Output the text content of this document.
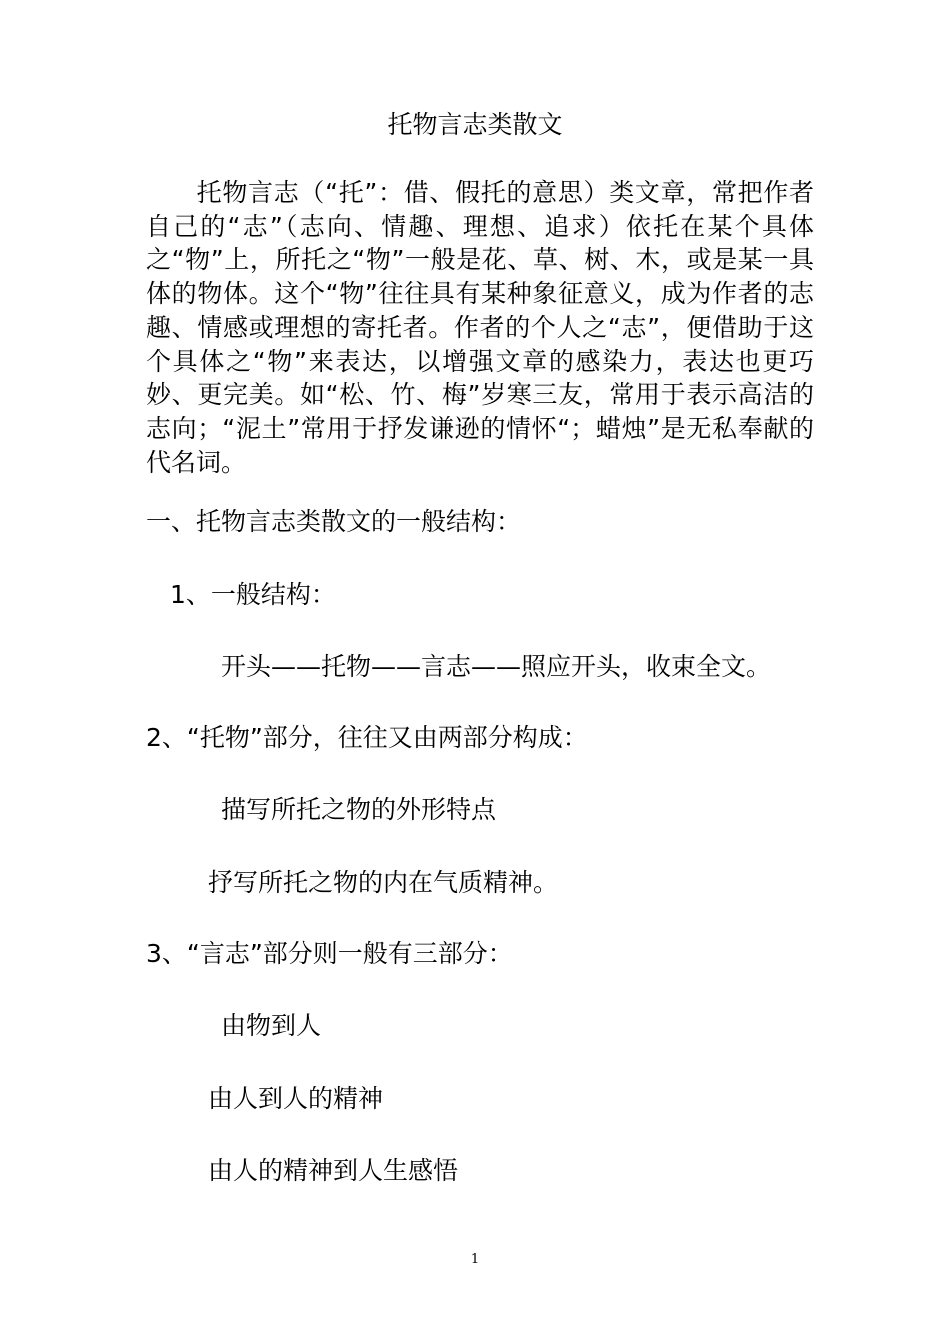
托物言志类散文
托物言志（“托”：借、假托的意思）类文章，常把作者自己的“志”（志向、情趣、理想、追求）依托在某个具体之“物”上，所托之“物”一般是花、草、树、木，或是某一具体的物体。这个“物”往往具有某种象征意义，成为作者的志趣、情感或理想的寄托者。作者的个人之“志”，便借助于这个具体之“物”来表达，以增强文章的感染力，表达也更巧妙、更完美。如“松、竹、梅”岁寒三友，常用于表示高洁的志向；“泥土”常用于抒发谦逊的情怀“；蜡烛”是无私奉献的代名词。
一、托物言志类散文的一般结构：
1、一般结构：
开头——托物——言志——照应开头，收束全文。
2、“托物”部分，往往又由两部分构成：
描写所托之物的外形特点
抒写所托之物的内在气质精神。
3、“言志”部分则一般有三部分：
由物到人
由人到人的精神
由人的精神到人生感悟
1
